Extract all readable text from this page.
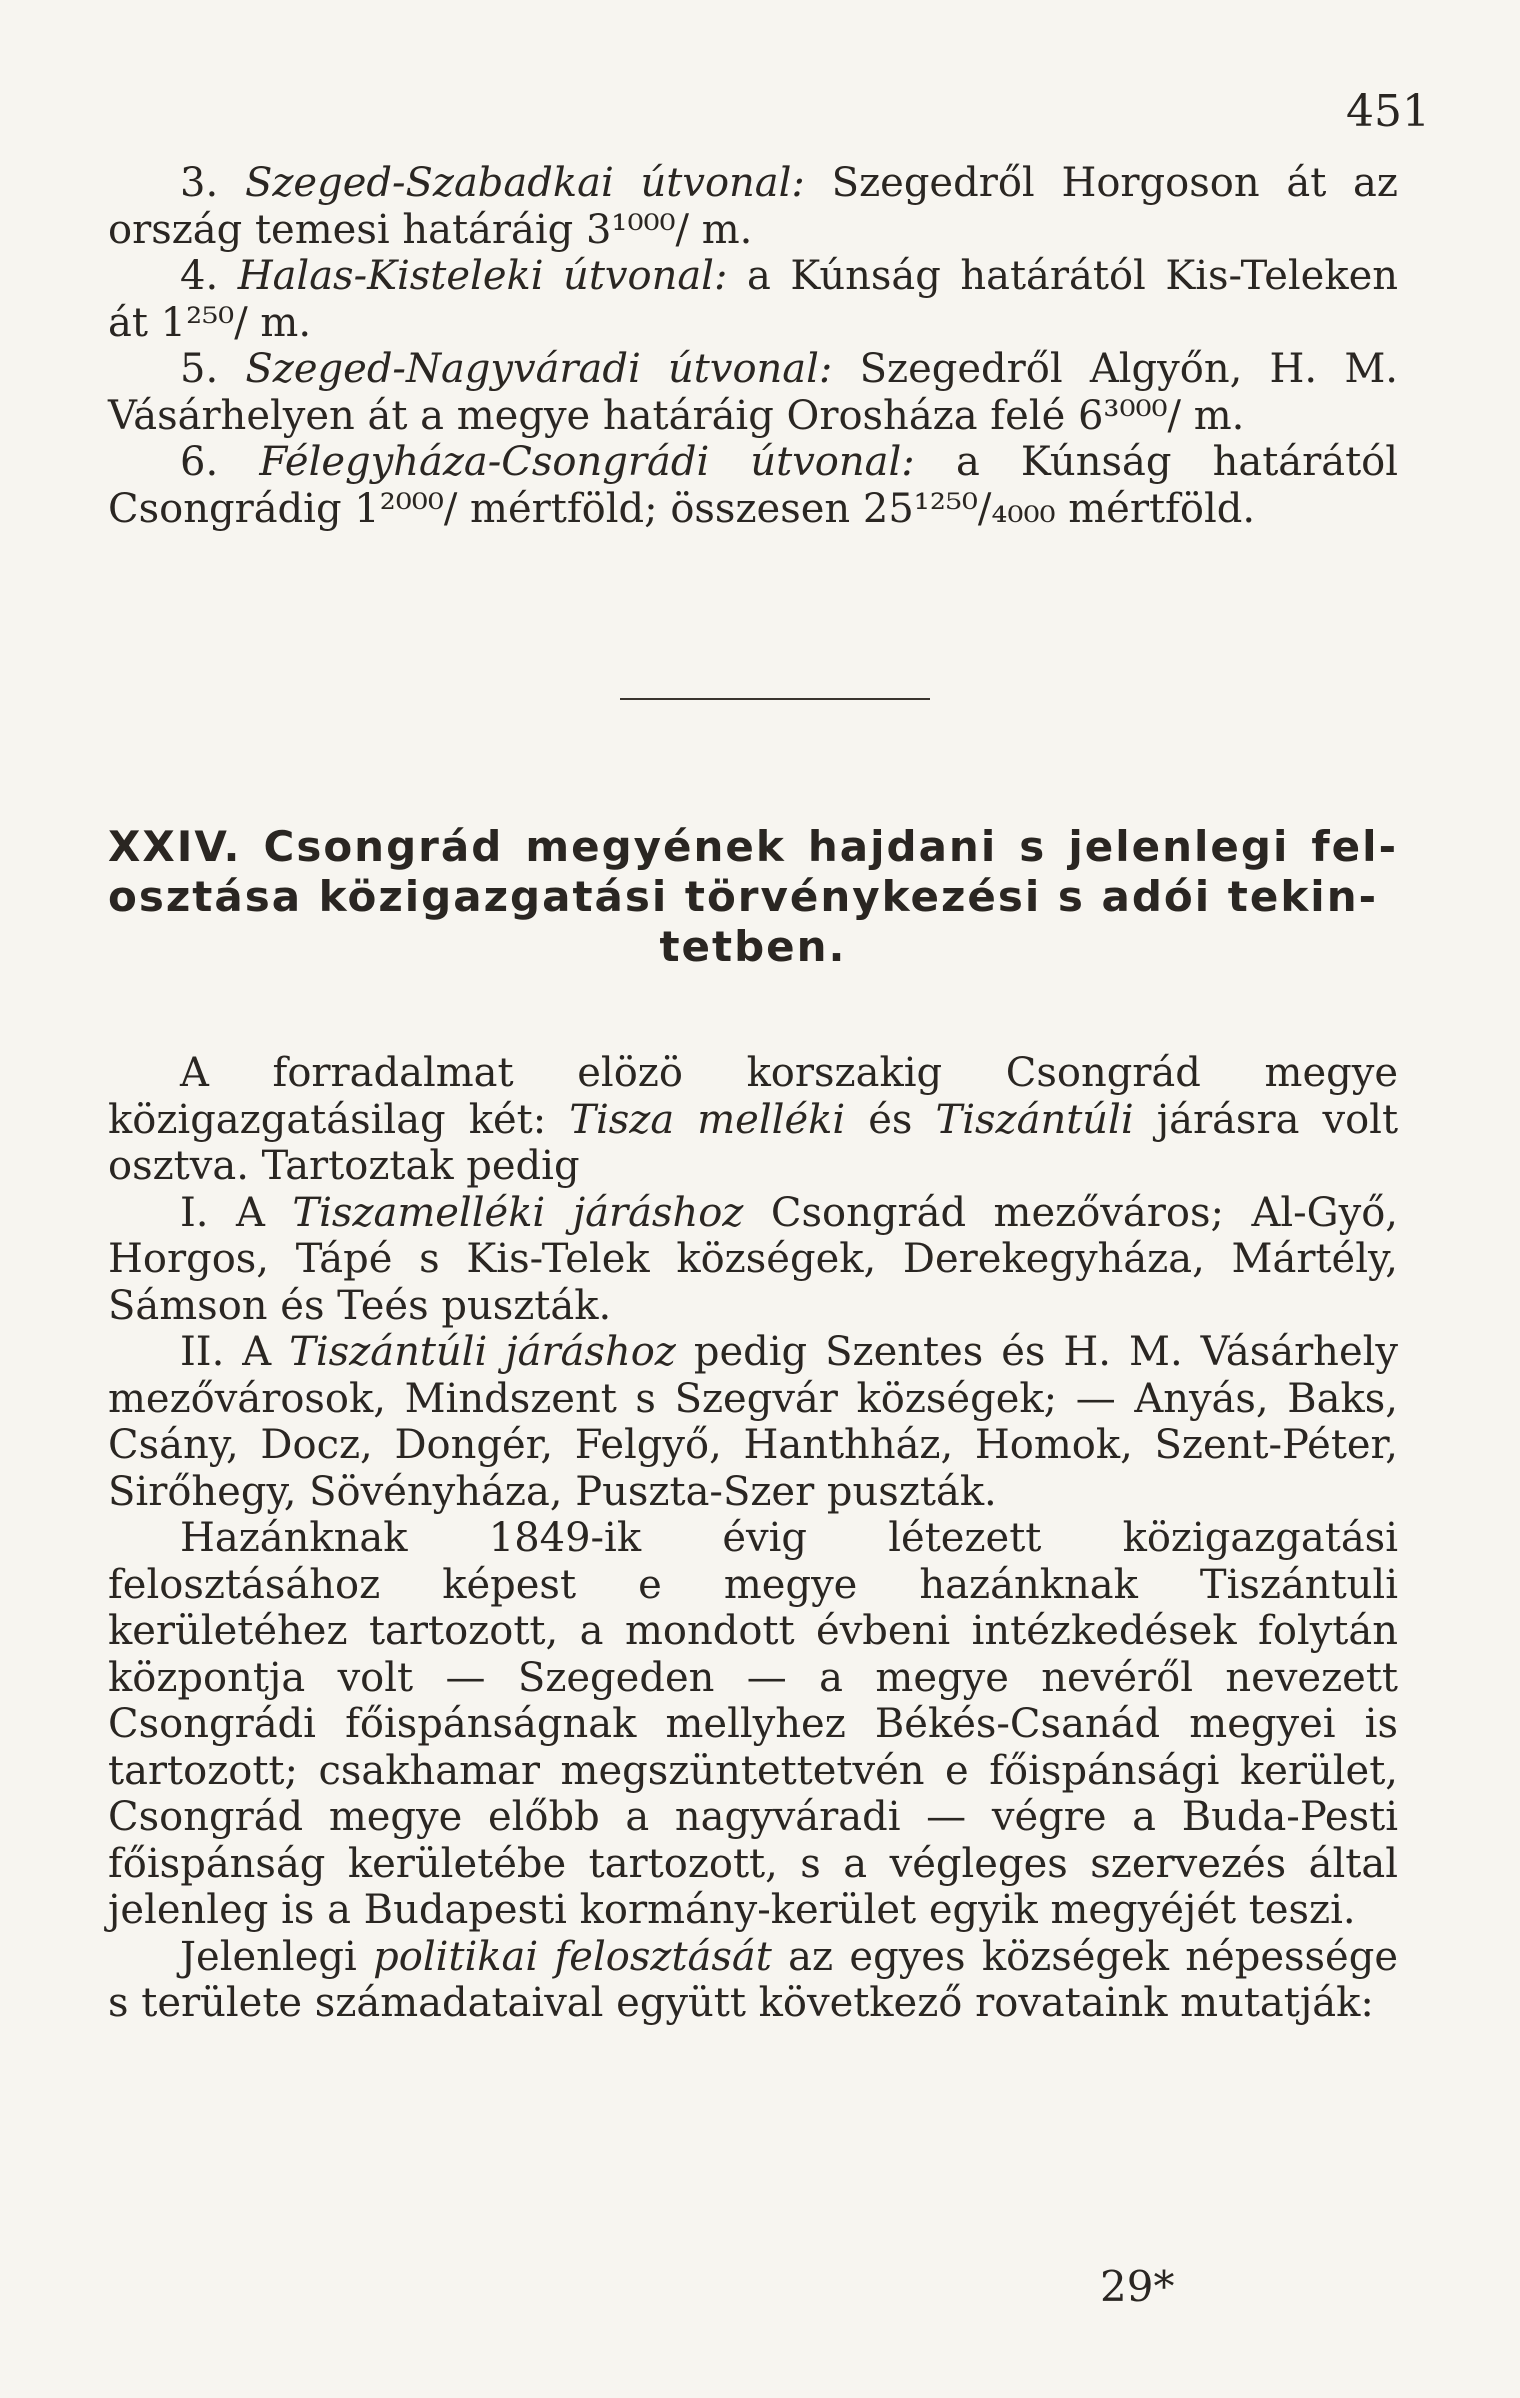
451

3. Szeged-Szabadkai útvonal: Szegedről Horgoson át az ország temesi határáig 3¹⁰⁰⁰/ m.

4. Halas-Kisteleki útvonal: a Kúnság határától Kis-Teleken át 1²⁵⁰/ m.

5. Szeged-Nagyváradi útvonal: Szegedről Algyőn, H. M. Vásárhelyen át a megye határáig Orosháza felé 6³⁰⁰⁰/ m.

6. Félegyháza-Csongrádi útvonal: a Kúnság határától Csongrádig 1²⁰⁰⁰/ mértföld; összesen 25¹²⁵⁰/₄₀₀₀ mértföld.

XXIV. Csongrád megyének hajdani s jelenlegi fel-osztása közigazgatási törvénykezési s adói tekin-
tetben.

A forradalmat elözö korszakig Csongrád megye közigazgatásilag két: Tisza melléki és Tiszántúli járásra volt osztva. Tartoztak pedig

I. A Tiszamelléki járáshoz Csongrád mezőváros; Al-Győ, Horgos, Tápé s Kis-Telek községek, Derekegyháza, Mártély, Sámson és Teés puszták.

II. A Tiszántúli járáshoz pedig Szentes és H. M. Vásárhely mezővárosok, Mindszent s Szegvár községek; — Anyás, Baks, Csány, Docz, Dongér, Felgyő, Hanthház, Homok, Szent-Péter, Sirőhegy, Sövényháza, Puszta-Szer puszták.

Hazánknak 1849-ik évig létezett közigazgatási felosztásához képest e megye hazánknak Tiszántuli kerületéhez tartozott, a mondott évbeni intézkedések folytán központja volt — Szegeden — a megye nevéről nevezett Csongrádi főispánságnak mellyhez Békés-Csanád megyei is tartozott; csakhamar megszüntettetvén e főispánsági kerület, Csongrád megye előbb a nagyváradi — végre a Buda-Pesti főispánság kerületébe tartozott, s a végleges szervezés által jelenleg is a Budapesti kormány-kerület egyik megyéjét teszi.

Jelenlegi politikai felosztását az egyes községek népessége s területe számadataival együtt következő rovataink mutatják:

29*
